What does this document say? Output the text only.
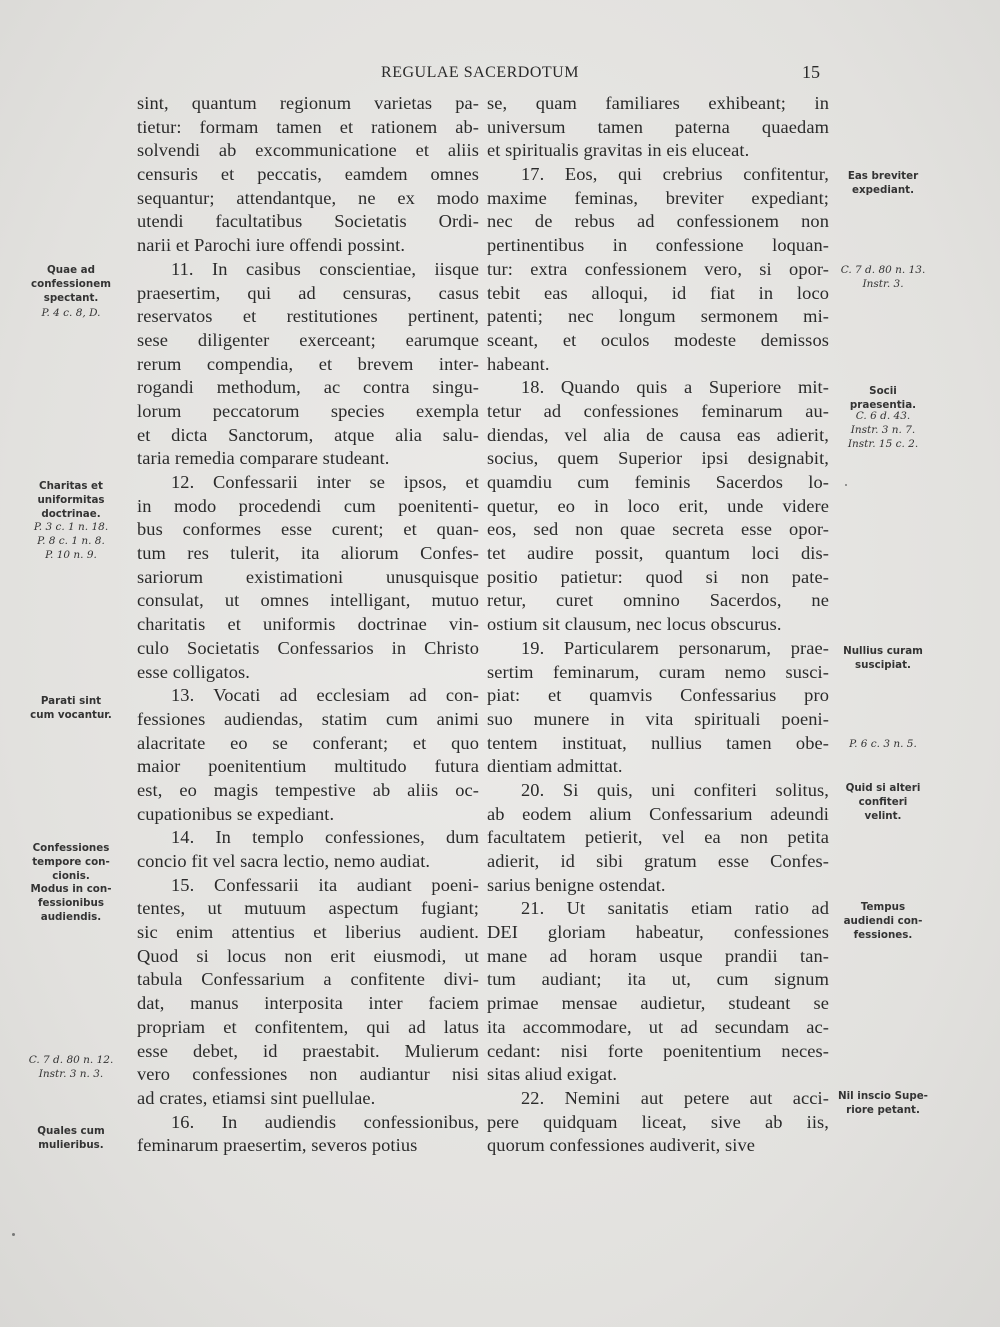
REGULAE SACERDOTUM	15
sint, quantum regionum varietas pa-
tietur: formam tamen et rationem ab-
solvendi ab excommunicatione et aliis
censuris et peccatis, eamdem omnes
sequantur; attendantque, ne ex modo
utendi facultatibus Societatis Ordi-
narii et Parochi iure offendi possint.
11. In casibus conscientiae, iisque
praesertim, qui ad censuras, casus
reservatos et restitutiones pertinent,
sese diligenter exerceant; earumque
rerum compendia, et brevem inter-
rogandi methodum, ac contra singu-
lorum peccatorum species exempla
et dicta Sanctorum, atque alia salu-
taria remedia comparare studeant.
12. Confessarii inter se ipsos, et
in modo procedendi cum poenitenti-
bus conformes esse curent; et quan-
tum res tulerit, ita aliorum Confes-
sariorum existimationi unusquisque
consulat, ut omnes intelligant, mutuo
charitatis et uniformis doctrinae vin-
culo Societatis Confessarios in Christo
esse colligatos.
13. Vocati ad ecclesiam ad con-
fessiones audiendas, statim cum animi
alacritate eo se conferant; et quo
maior poenitentium multitudo futura
est, eo magis tempestive ab aliis oc-
cupationibus se expediant.
14. In templo confessiones, dum
concio fit vel sacra lectio, nemo audiat.
15. Confessarii ita audiant poeni-
tentes, ut mutuum aspectum fugiant;
sic enim attentius et liberius audient.
Quod si locus non erit eiusmodi, ut
tabula Confessarium a confitente divi-
dat, manus interposita inter faciem
propriam et confitentem, qui ad latus
esse debet, id praestabit. Mulierum
vero confessiones non audiantur nisi
ad crates, etiamsi sint puellulae.
16. In audiendis confessionibus,
feminarum praesertim, severos potius
se, quam familiares exhibeant; in
universum tamen paterna quaedam
et spiritualis gravitas in eis eluceat.
17. Eos, qui crebrius confitentur,
maxime feminas, breviter expediant;
nec de rebus ad confessionem non
pertinentibus in confessione loquan-
tur: extra confessionem vero, si opor-
tebit eas alloqui, id fiat in loco
patenti; nec longum sermonem mi-
sceant, et oculos modeste demissos
habeant.
18. Quando quis a Superiore mit-
tetur ad confessiones feminarum au-
diendas, vel alia de causa eas adierit,
socius, quem Superior ipsi designabit,
quamdiu cum feminis Sacerdos lo-
quetur, eo in loco erit, unde videre
eos, sed non quae secreta esse opor-
tet audire possit, quantum loci dis-
positio patietur: quod si non pate-
retur, curet omnino Sacerdos, ne
ostium sit clausum, nec locus obscurus.
19. Particularem personarum, prae-
sertim feminarum, curam nemo susci-
piat: et quamvis Confessarius pro
suo munere in vita spirituali poeni-
tentem instituat, nullius tamen obe-
dientiam admittat.
20. Si quis, uni confiteri solitus,
ab eodem alium Confessarium adeundi
facultatem petierit, vel ea non petita
adierit, id sibi gratum esse Confes-
sarius benigne ostendat.
21. Ut sanitatis etiam ratio ad
DEI gloriam habeatur, confessiones
mane ad horam usque prandii tan-
tum audiant; ita ut, cum signum
primae mensae audietur, studeant se
ita accommodare, ut ad secundam ac-
cedant: nisi forte poenitentium neces-
sitas aliud exigat.
22. Nemini aut petere aut acci-
pere quidquam liceat, sive ab iis,
quorum confessiones audiverit, sive
Quae ad
confessionem
spectant.
P. 4 c. 8, D.
Charitas et
uniformitas
doctrinae.
P. 3 c. 1 n. 18.
P. 8 c. 1 n. 8.
P. 10 n. 9.
Parati sint
cum vocantur.
Confessiones
tempore con-
cionis.
Modus in con-
fessionibus
audiendis.
C. 7 d. 80 n. 12.
Instr. 3 n. 3.
Quales cum
mulieribus.
Eas breviter
expediant.
C. 7 d. 80 n. 13.
Instr. 3.
Socii
praesentia.
C. 6 d. 43.
Instr. 3 n. 7.
Instr. 15 c. 2.
Nullius curam
suscipiat.
P. 6 c. 3 n. 5.
Quid si alteri
confiteri
velint.
Tempus
audiendi con-
fessiones.
Nil inscio Supe-
riore petant.
